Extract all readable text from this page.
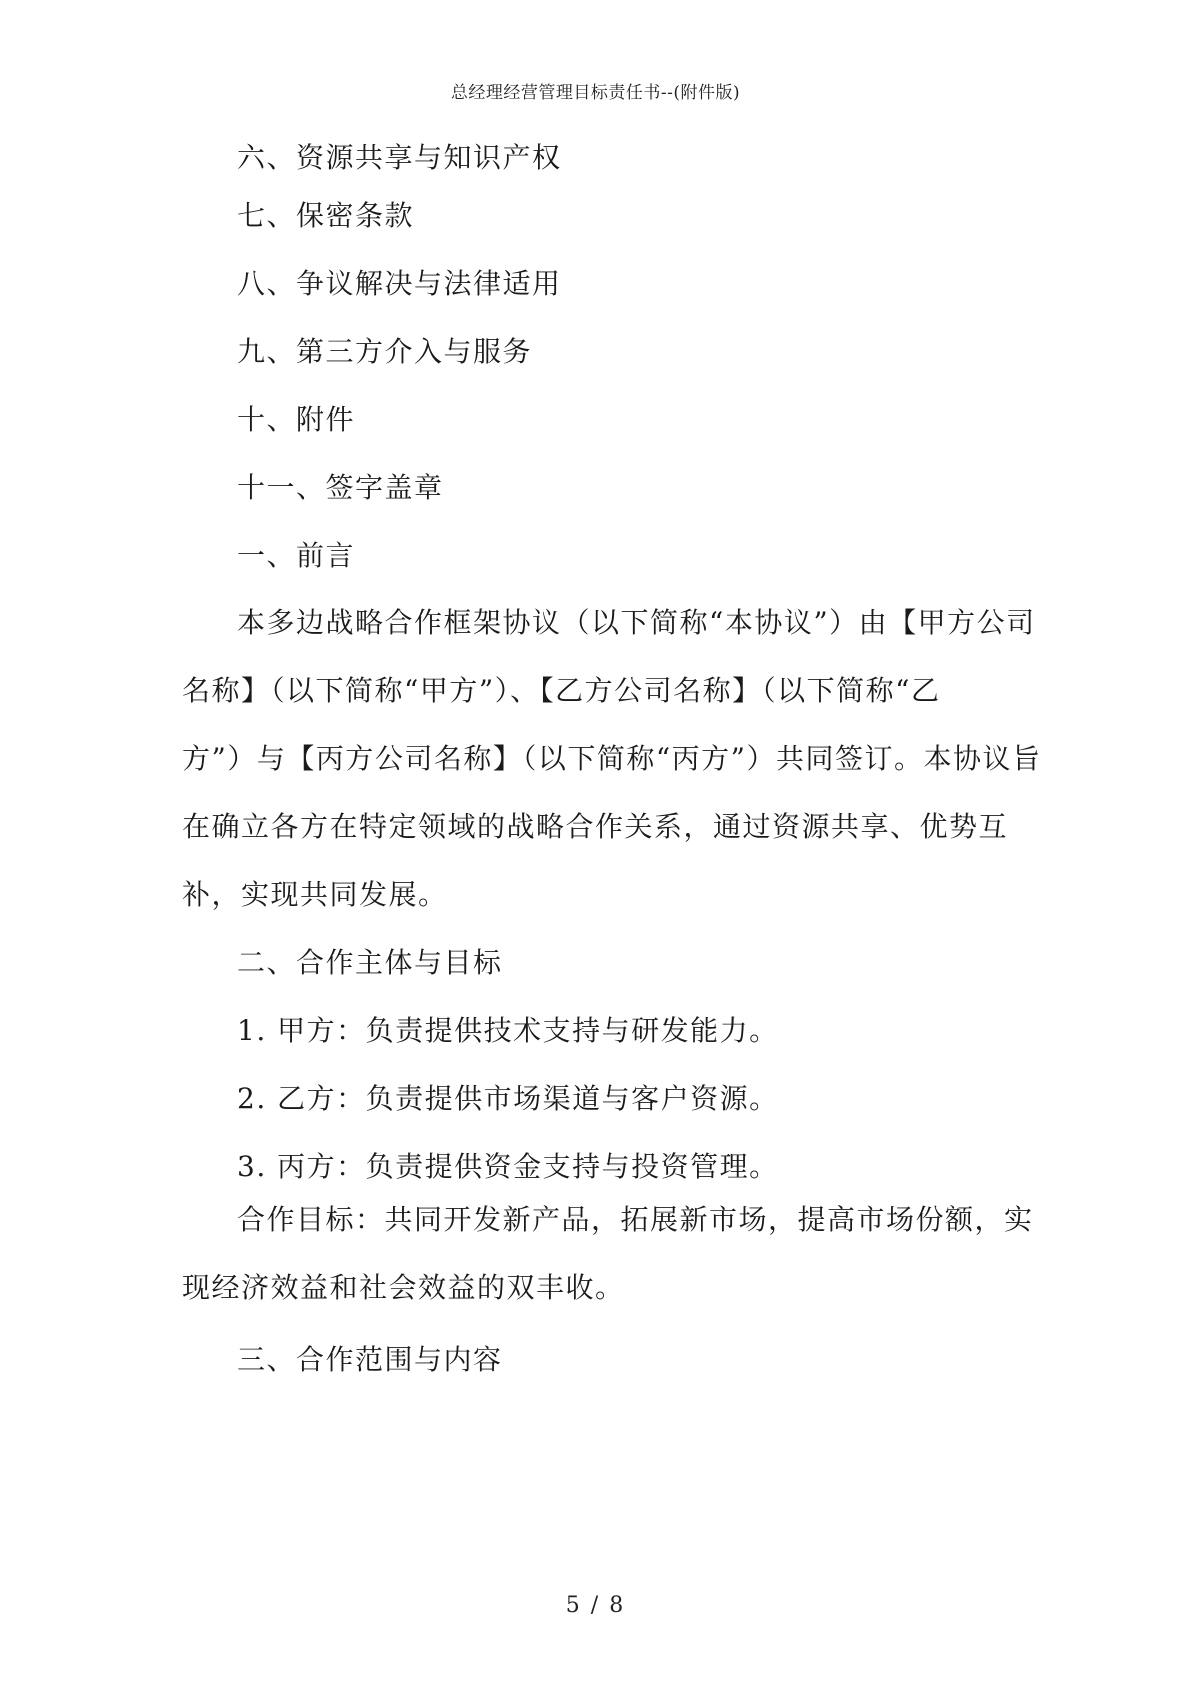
总经理经营管理目标责任书--(附件版)
六、资源共享与知识产权
七、保密条款
八、争议解决与法律适用
九、第三方介入与服务
十、附件
十一、签字盖章
一、前言
本多边战略合作框架协议（以下简称“本协议”）由【甲方公司
名称】（以下简称“甲方”）、【乙方公司名称】（以下简称“乙
方”）与【丙方公司名称】（以下简称“丙方”）共同签订。本协议旨
在确立各方在特定领域的战略合作关系，通过资源共享、优势互
补，实现共同发展。
二、合作主体与目标
1. 甲方：负责提供技术支持与研发能力。
2. 乙方：负责提供市场渠道与客户资源。
3. 丙方：负责提供资金支持与投资管理。
合作目标：共同开发新产品，拓展新市场，提高市场份额，实
现经济效益和社会效益的双丰收。
三、合作范围与内容
5 / 8
